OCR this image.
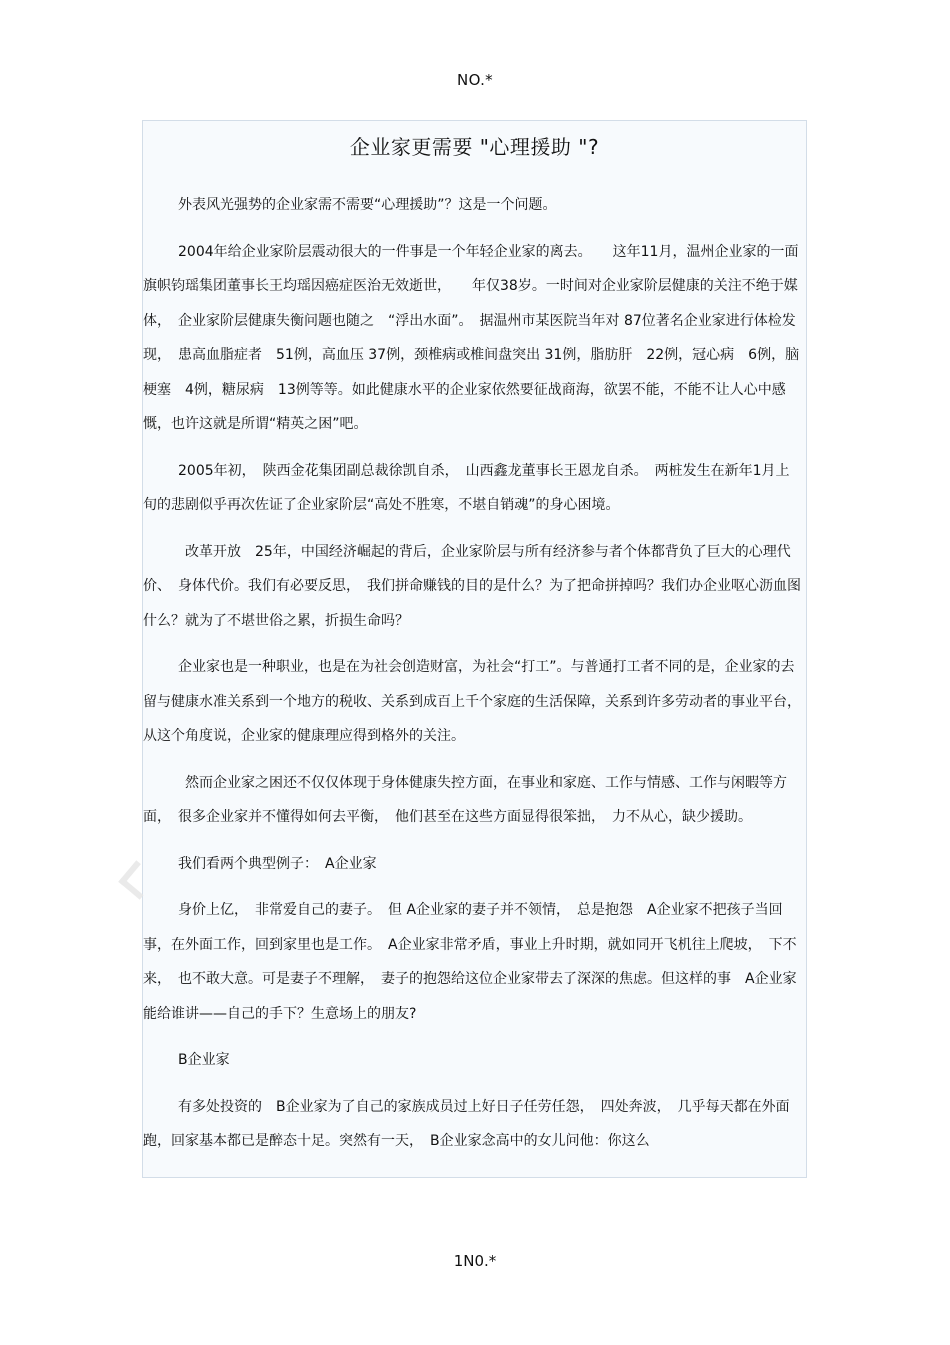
NO.*
企业家更需要 "心理援助 "?

外表风光强势的企业家需不需要“心理援助”？这是一个问题。

2004年给企业家阶层震动很大的一件事是一个年轻企业家的离去。　　这年11月，温州企业家的一面旗帜钧瑶集团董事长王均瑶因癌症医治无效逝世，　　年仅38岁。一时间对企业家阶层健康的关注不绝于媒体，　企业家阶层健康失衡问题也随之　“浮出水面”。　据温州市某医院当年对 87位著名企业家进行体检发现，　患高血脂症者　51例，高血压 37例，颈椎病或椎间盘突出 31例，脂肪肝　22例，冠心病　6例，脑梗塞　4例，糖尿病　13例等等。如此健康水平的企业家依然要征战商海，欲罢不能，不能不让人心中感慨，也许这就是所谓“精英之困”吧。

2005年初，　陕西金花集团副总裁徐凯自杀，　山西鑫龙董事长王恩龙自杀。　两桩发生在新年1月上旬的悲剧似乎再次佐证了企业家阶层“高处不胜寒，不堪自销魂”的身心困境。

改革开放　25年，中国经济崛起的背后，企业家阶层与所有经济参与者个体都背负了巨大的心理代价、　身体代价。我们有必要反思，　我们拼命赚钱的目的是什么？为了把命拼掉吗？我们办企业呕心沥血图什么？就为了不堪世俗之累，折损生命吗？

企业家也是一种职业，也是在为社会创造财富，为社会“打工”。与普通打工者不同的是，企业家的去留与健康水准关系到一个地方的税收、关系到成百上千个家庭的生活保障，关系到许多劳动者的事业平台，从这个角度说，企业家的健康理应得到格外的关注。

然而企业家之困还不仅仅体现于身体健康失控方面，在事业和家庭、工作与情感、工作与闲暇等方面，　很多企业家并不懂得如何去平衡，　他们甚至在这些方面显得很笨拙，　力不从心，缺少援助。

我们看两个典型例子：　A企业家

身价上亿，　非常爱自己的妻子。　但 A企业家的妻子并不领情，　总是抱怨　A企业家不把孩子当回事，在外面工作，回到家里也是工作。　A企业家非常矛盾，事业上升时期，就如同开飞机往上爬坡，　下不来，　也不敢大意。可是妻子不理解，　妻子的抱怨给这位企业家带去了深深的焦虑。但这样的事　A企业家能给谁讲——自己的手下？生意场上的朋友?

B企业家

有多处投资的　B企业家为了自己的家族成员过上好日子任劳任怨，　四处奔波，　几乎每天都在外面跑，回家基本都已是醉态十足。突然有一天，　B企业家念高中的女儿问他：你这么

1N0.*
